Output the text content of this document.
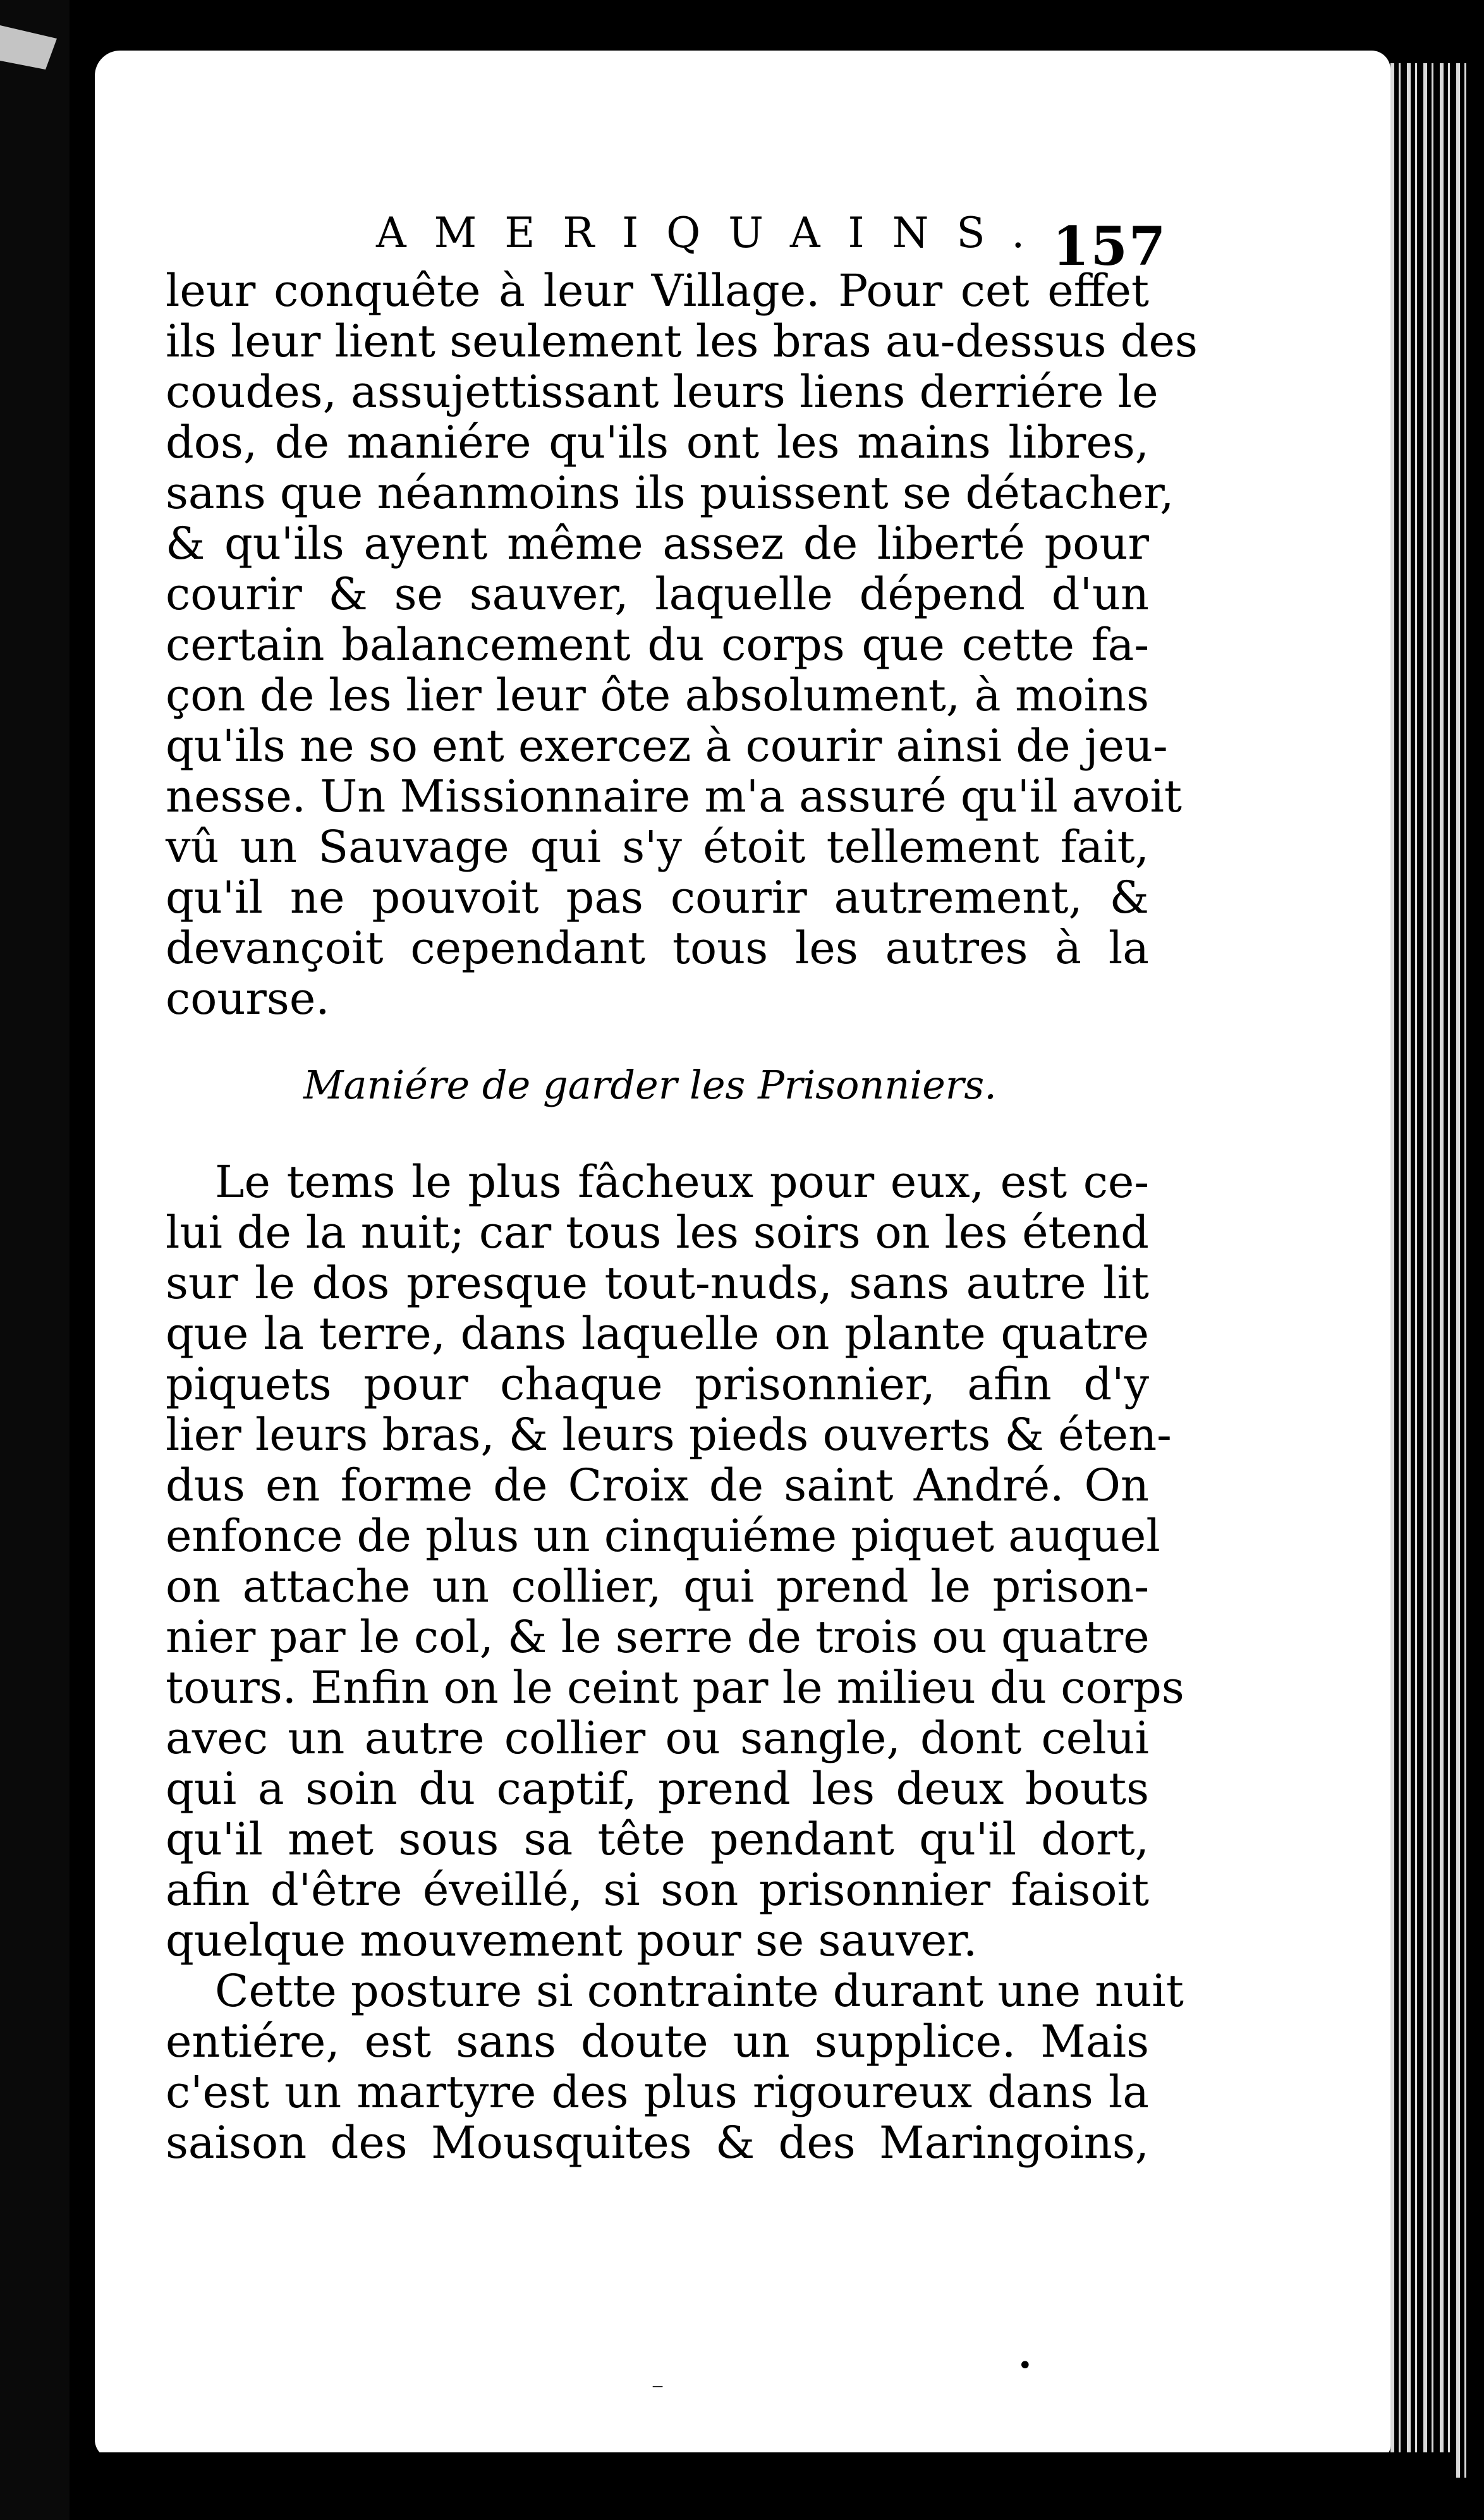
AMERIQUAINS. 157
leur conquête à leur Village. Pour cet effet
ils leur lient seulement les bras au-dessus des
coudes, assujettissant leurs liens derriére le
dos, de maniére qu'ils ont les mains libres,
sans que néanmoins ils puissent se détacher,
& qu'ils ayent même assez de liberté pour
courir & se sauver, laquelle dépend d'un
certain balancement du corps que cette fa-
çon de les lier leur ôte absolument, à moins
qu'ils ne so ent exercez à courir ainsi de jeu-
nesse. Un Missionnaire m'a assuré qu'il avoit
vû un Sauvage qui s'y étoit tellement fait,
qu'il ne pouvoit pas courir autrement, &
devançoit cependant tous les autres à la
course.
Maniére de garder les Prisonniers.
Le tems le plus fâcheux pour eux, est ce-
lui de la nuit; car tous les soirs on les étend
sur le dos presque tout-nuds, sans autre lit
que la terre, dans laquelle on plante quatre
piquets pour chaque prisonnier, afin d'y
lier leurs bras, & leurs pieds ouverts & éten-
dus en forme de Croix de saint André. On
enfonce de plus un cinquiéme piquet auquel
on attache un collier, qui prend le prison-
nier par le col, & le serre de trois ou quatre
tours. Enfin on le ceint par le milieu du corps
avec un autre collier ou sangle, dont celui
qui a soin du captif, prend les deux bouts
qu'il met sous sa tête pendant qu'il dort,
afin d'être éveillé, si son prisonnier faisoit
quelque mouvement pour se sauver.
Cette posture si contrainte durant une nuit
entiére, est sans doute un supplice. Mais
c'est un martyre des plus rigoureux dans la
saison des Mousquites & des Maringoins,
•
⁻
